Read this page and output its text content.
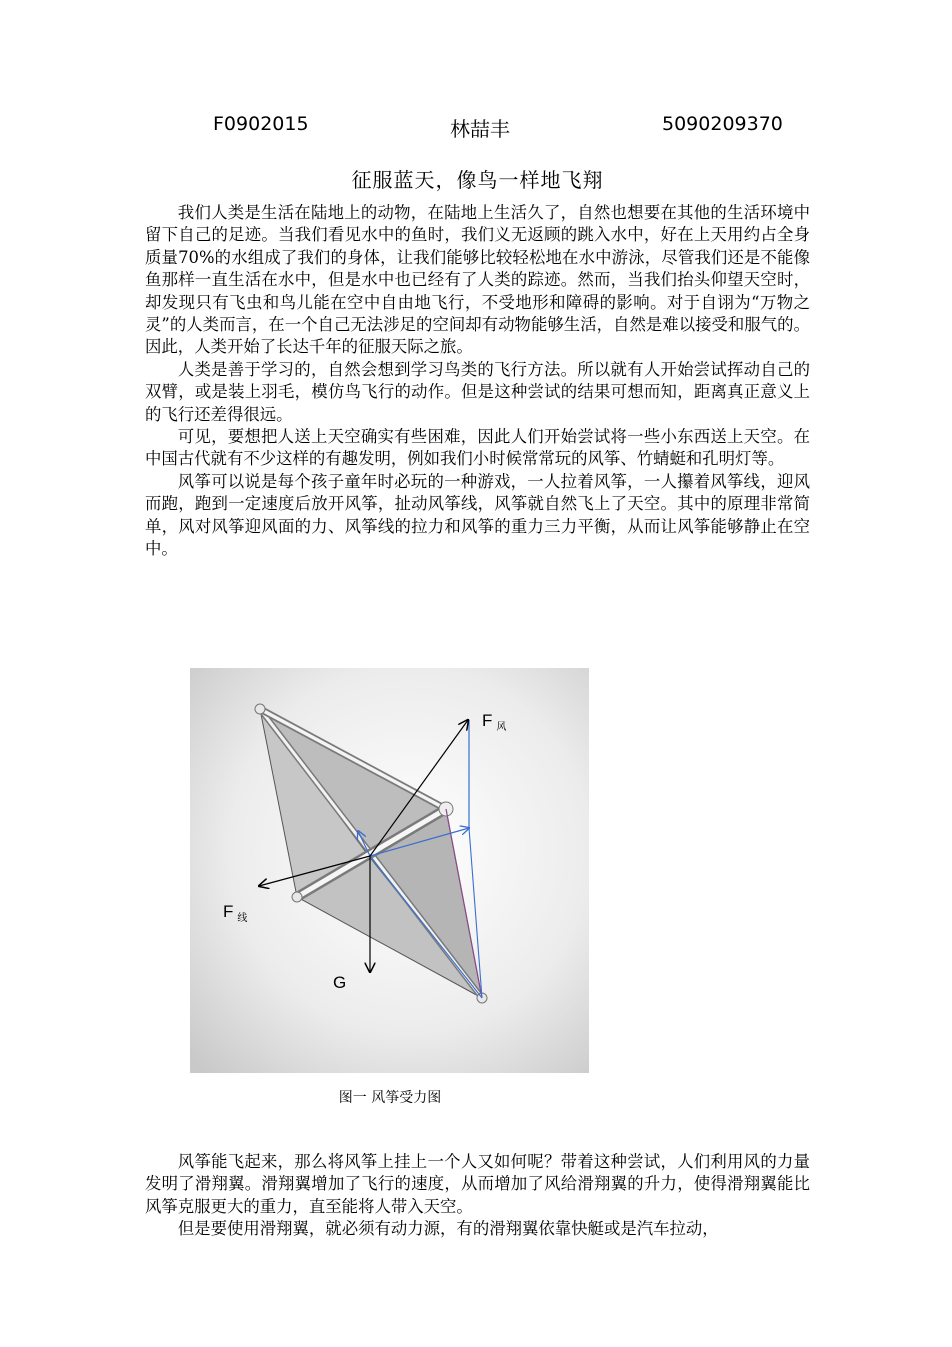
F0902015	林喆丰	5090209370
征服蓝天，像鸟一样地飞翔

我们人类是生活在陆地上的动物，在陆地上生活久了，自然也想要在其他的生活环境中留下自己的足迹。当我们看见水中的鱼时，我们义无返顾的跳入水中，好在上天用约占全身质量70%的水组成了我们的身体，让我们能够比较轻松地在水中游泳，尽管我们还是不能像鱼那样一直生活在水中，但是水中也已经有了人类的踪迹。然而，当我们抬头仰望天空时，却发现只有飞虫和鸟儿能在空中自由地飞行，不受地形和障碍的影响。对于自诩为“万物之灵”的人类而言，在一个自己无法涉足的空间却有动物能够生活，自然是难以接受和服气的。因此，人类开始了长达千年的征服天际之旅。

人类是善于学习的，自然会想到学习鸟类的飞行方法。所以就有人开始尝试挥动自己的双臂，或是装上羽毛，模仿鸟飞行的动作。但是这种尝试的结果可想而知，距离真正意义上的飞行还差得很远。

可见，要想把人送上天空确实有些困难，因此人们开始尝试将一些小东西送上天空。在中国古代就有不少这样的有趣发明，例如我们小时候常常玩的风筝、竹蜻蜓和孔明灯等。

风筝可以说是每个孩子童年时必玩的一种游戏，一人拉着风筝，一人攥着风筝线，迎风而跑，跑到一定速度后放开风筝，扯动风筝线，风筝就自然飞上了天空。其中的原理非常简单，风对风筝迎风面的力、风筝线的拉力和风筝的重力三力平衡，从而让风筝能够静止在空中。

F $_风$
F $_线$
G
图一 风筝受力图

风筝能飞起来，那么将风筝上挂上一个人又如何呢？带着这种尝试，人们利用风的力量发明了滑翔翼。滑翔翼增加了飞行的速度，从而增加了风给滑翔翼的升力，使得滑翔翼能比风筝克服更大的重力，直至能将人带入天空。

但是要使用滑翔翼，就必须有动力源，有的滑翔翼依靠快艇或是汽车拉动，
